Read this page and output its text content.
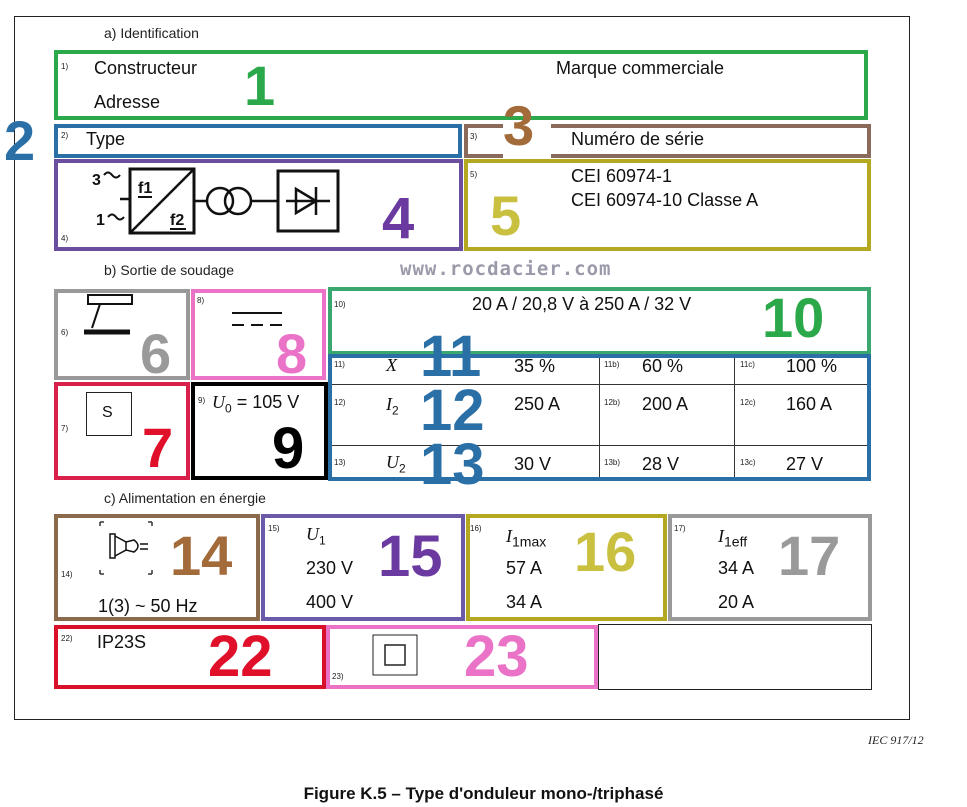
a) Identification
b) Sortie de soudage
c) Alimentation en énergie
1) Constructeur
Adresse
Marque commerciale
1
2) Type
2	3)	Numéro de série
3
4)
3
1
f1
f2	4
5)	CEI 60974-1
CEI 60974-10 Classe A
5
www.rocdacier.com
6) 6
8)
8
10)	20 A / 20,8 V à 250 A / 32 V 10
7)
S
7
9) $U_0 = 105$ V
9
11) X	35 %	11b) 60 %	11c) 100 %
12) $I_2$	250 A	12b) 200 A	12c) 160 A
13) $U_2$	30 V	13b) 28 V	13c) 27 V
11
12
13
14)
1(3) ~ 50 Hz
14	15) $U_1$
230 V
400 V
15	16) $I_{1max}$
57 A
34 A
16	17) $I_{1eff}$
34 A
20 A
17
22) IP23S 22	23) 23
IEC 917/12
Figure K.5 – Type d'onduleur mono-/triphasé
